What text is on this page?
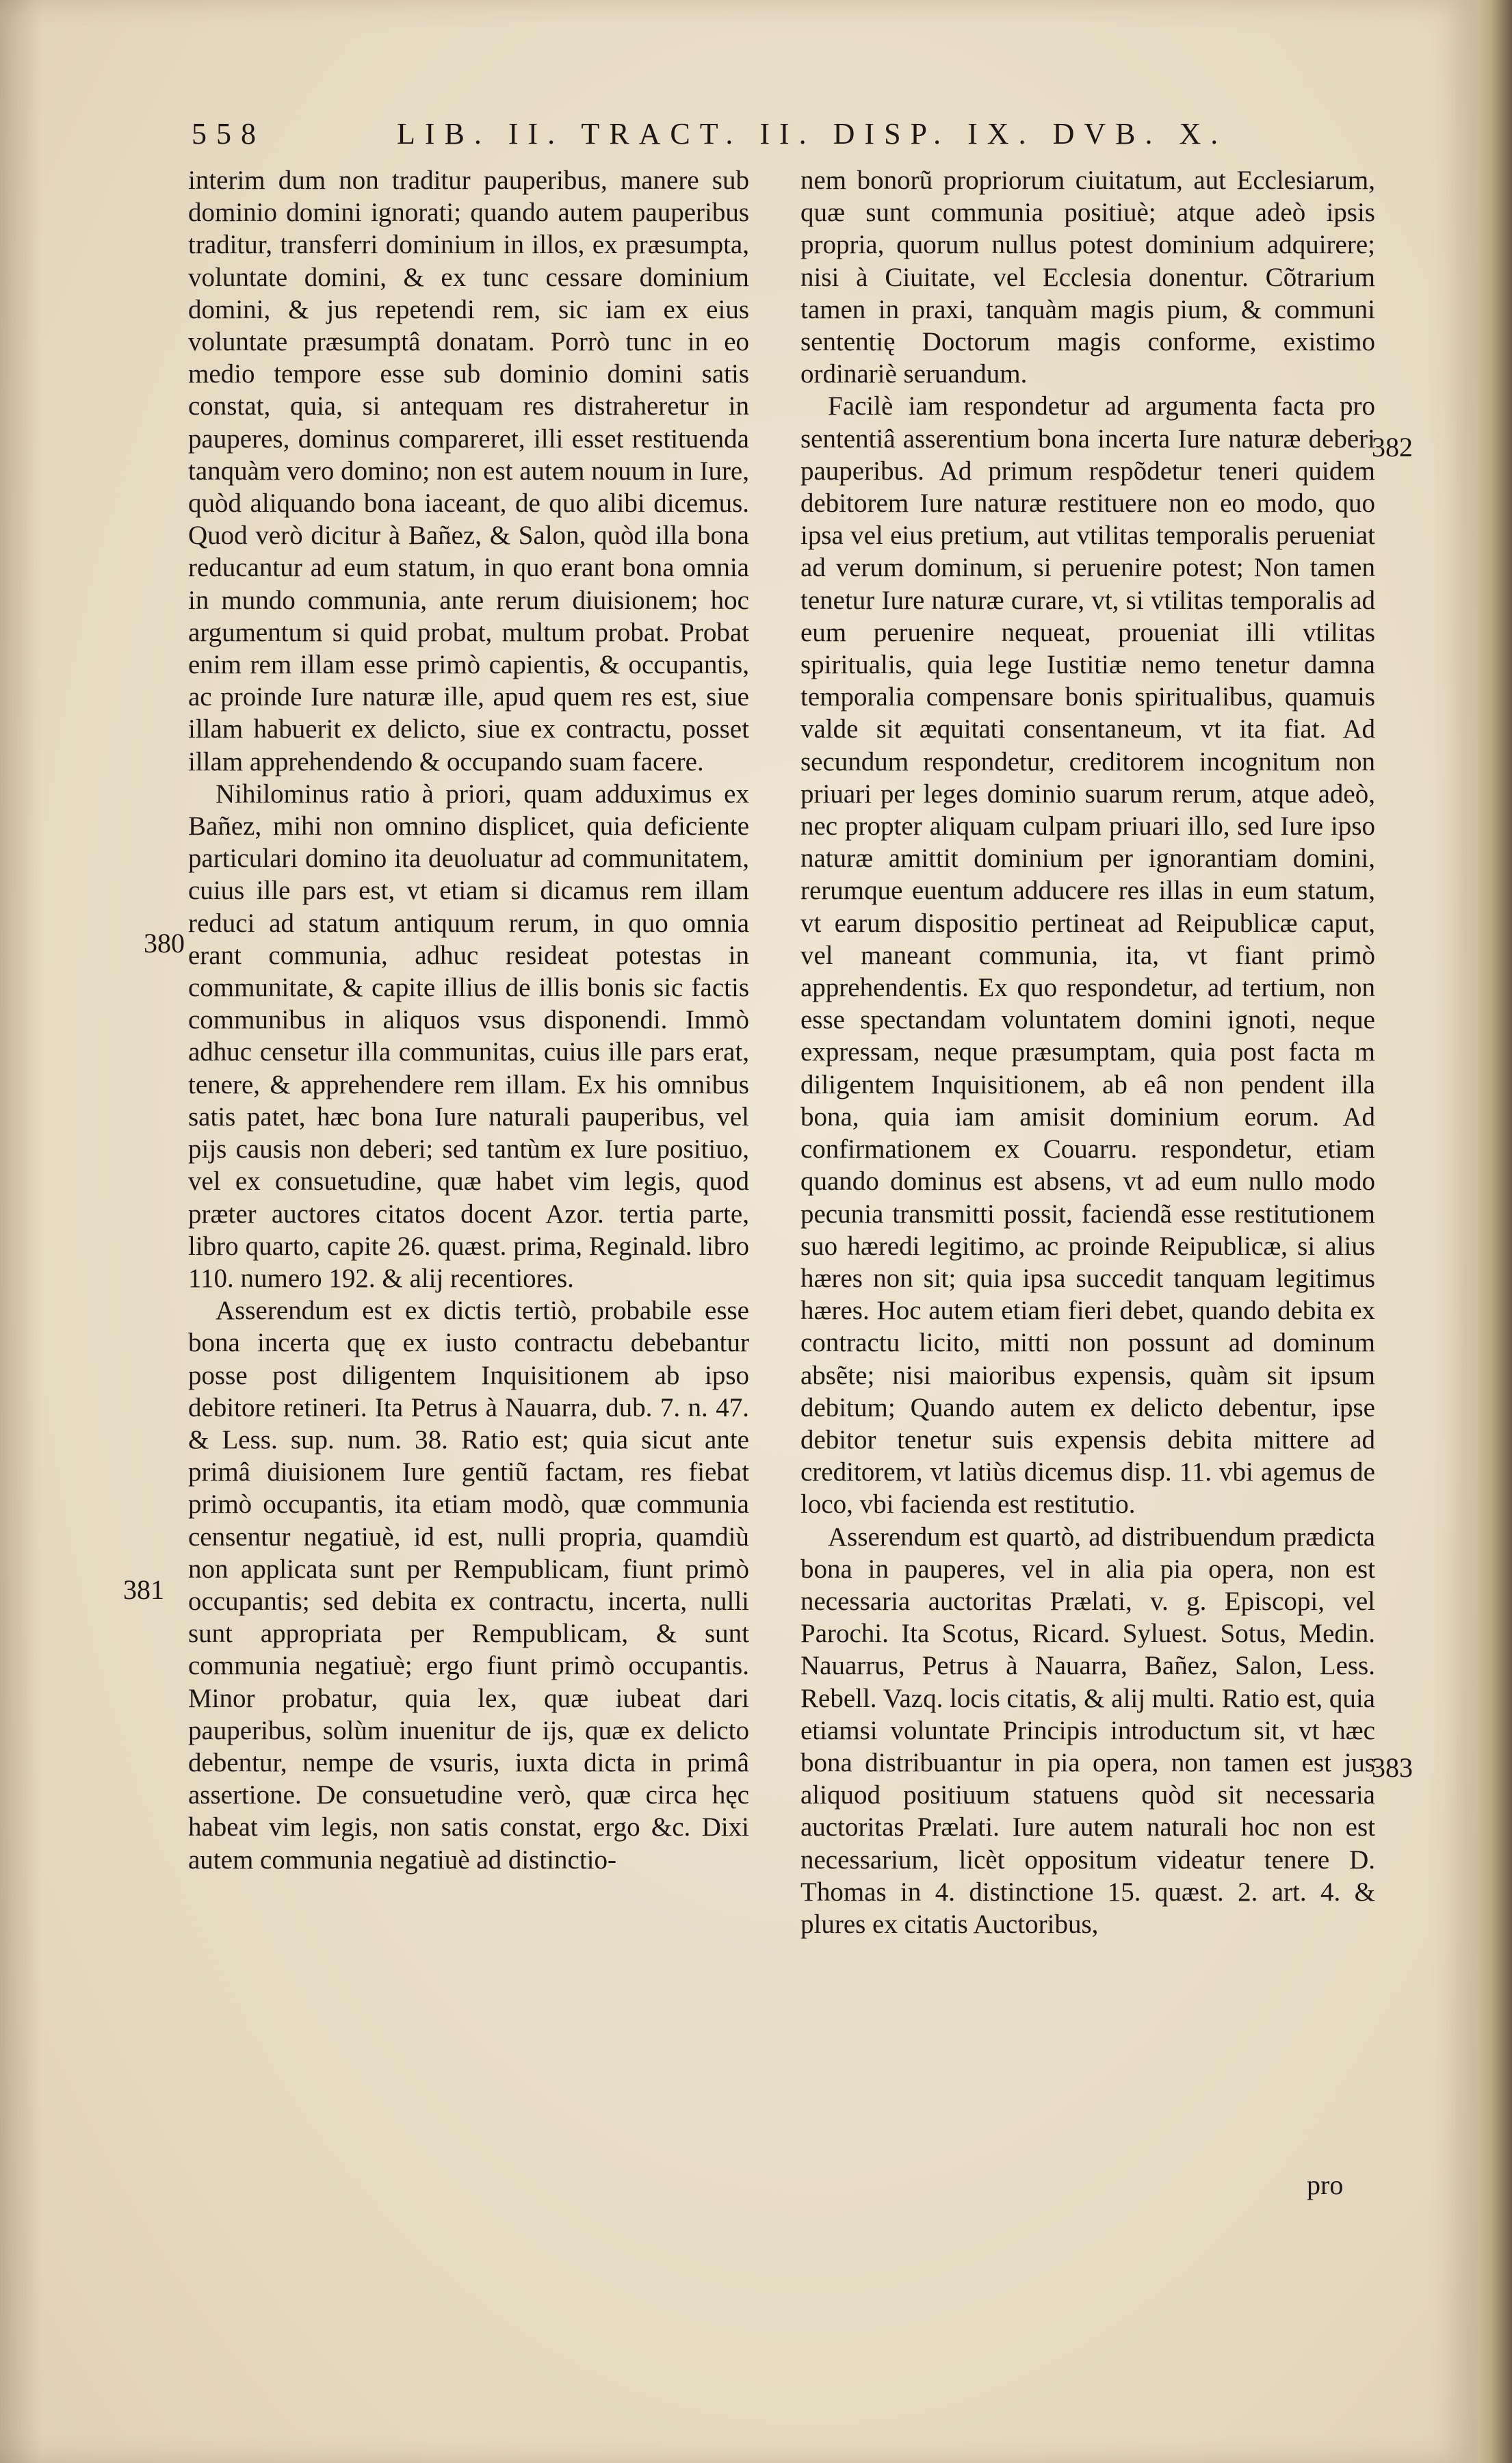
558	LIB. II. TRACT. II. DISP. IX. DVB. X.

interim dum non traditur pauperibus, manere sub dominio domini ignorati; quando autem pauperibus traditur, transferri dominium in illos, ex præsumpta, voluntate domini, & ex tunc cessare dominium domini, & jus repetendi rem, sic iam ex eius voluntate præsumptâ donatam. Porrò tunc in eo medio tempore esse sub dominio domini satis constat, quia, si antequam res distraheretur in pauperes, dominus compareret, illi esset restituenda tanquàm vero domino; non est autem nouum in Iure, quòd aliquando bona iaceant, de quo alibi dicemus. Quod verò dicitur à Bañez, & Salon, quòd illa bona reducantur ad eum statum, in quo erant bona omnia in mundo communia, ante rerum diuisionem; hoc argumentum si quid probat, multum probat. Probat enim rem illam esse primò capientis, & occupantis, ac proinde Iure naturæ ille, apud quem res est, siue illam habuerit ex delicto, siue ex contractu, posset illam apprehendendo & occupando suam facere.

Nihilominus ratio à priori, quam adduximus ex Bañez, mihi non omnino displicet, quia deficiente particulari domino ita deuoluatur ad communitatem, cuius ille pars est, vt etiam si dicamus rem illam reduci ad statum antiquum rerum, in quo omnia erant communia, adhuc resideat potestas in communitate, & capite illius de illis bonis sic factis communibus in aliquos vsus disponendi. Immò adhuc censetur illa communitas, cuius ille pars erat, tenere, & apprehendere rem illam. Ex his omnibus satis patet, hæc bona Iure naturali pauperibus, vel pijs causis non deberi; sed tantùm ex Iure positiuo, vel ex consuetudine, quæ habet vim legis, quod præter auctores citatos docent Azor. tertia parte, libro quarto, capite 26. quæst. prima, Reginald. libro 110. numero 192. & alij recentiores.

Asserendum est ex dictis tertiò, probabile esse bona incerta quę ex iusto contractu debebantur posse post diligentem Inquisitionem ab ipso debitore retineri. Ita Petrus à Nauarra, dub. 7. n. 47. & Less. sup. num. 38. Ratio est; quia sicut ante primâ diuisionem Iure gentiũ factam, res fiebat primò occupantis, ita etiam modò, quæ communia censentur negatiuè, id est, nulli propria, quamdiù non applicata sunt per Rempublicam, fiunt primò occupantis; sed debita ex contractu, incerta, nulli sunt appropriata per Rempublicam, & sunt communia negatiuè; ergo fiunt primò occupantis. Minor probatur, quia lex, quæ iubeat dari pauperibus, solùm inuenitur de ijs, quæ ex delicto debentur, nempe de vsuris, iuxta dicta in primâ assertione. De consuetudine verò, quæ circa hęc habeat vim legis, non satis constat, ergo &c. Dixi autem communia negatiuè ad distinctio-

nem bonorũ propriorum ciuitatum, aut Ecclesiarum, quæ sunt communia positiuè; atque adeò ipsis propria, quorum nullus potest dominium adquirere; nisi à Ciuitate, vel Ecclesia donentur. Cõtrarium tamen in praxi, tanquàm magis pium, & communi sententię Doctorum magis conforme, existimo ordinariè seruandum.

Facilè iam respondetur ad argumenta facta pro sententiâ asserentium bona incerta Iure naturæ deberi pauperibus. Ad primum respõdetur teneri quidem debitorem Iure naturæ restituere non eo modo, quo ipsa vel eius pretium, aut vtilitas temporalis perueniat ad verum dominum, si peruenire potest; Non tamen tenetur Iure naturæ curare, vt, si vtilitas temporalis ad eum peruenire nequeat, proueniat illi vtilitas spiritualis, quia lege Iustitiæ nemo tenetur damna temporalia compensare bonis spiritualibus, quamuis valde sit æquitati consentaneum, vt ita fiat. Ad secundum respondetur, creditorem incognitum non priuari per leges dominio suarum rerum, atque adeò, nec propter aliquam culpam priuari illo, sed Iure ipso naturæ amittit dominium per ignorantiam domini, rerumque euentum adducere res illas in eum statum, vt earum dispositio pertineat ad Reipublicæ caput, vel maneant communia, ita, vt fiant primò apprehendentis. Ex quo respondetur, ad tertium, non esse spectandam voluntatem domini ignoti, neque expressam, neque præsumptam, quia post facta m diligentem Inquisitionem, ab eâ non pendent illa bona, quia iam amisit dominium eorum. Ad confirmationem ex Couarru. respondetur, etiam quando dominus est absens, vt ad eum nullo modo pecunia transmitti possit, faciendã esse restitutionem suo hæredi legitimo, ac proinde Reipublicæ, si alius hæres non sit; quia ipsa succedit tanquam legitimus hæres. Hoc autem etiam fieri debet, quando debita ex contractu licito, mitti non possunt ad dominum absẽte; nisi maioribus expensis, quàm sit ipsum debitum; Quando autem ex delicto debentur, ipse debitor tenetur suis expensis debita mittere ad creditorem, vt latiùs dicemus disp. 11. vbi agemus de loco, vbi facienda est restitutio.

Asserendum est quartò, ad distribuendum prædicta bona in pauperes, vel in alia pia opera, non est necessaria auctoritas Prælati, v. g. Episcopi, vel Parochi. Ita Scotus, Ricard. Syluest. Sotus, Medin. Nauarrus, Petrus à Nauarra, Bañez, Salon, Less. Rebell. Vazq. locis citatis, & alij multi. Ratio est, quia etiamsi voluntate Principis introductum sit, vt hæc bona distribuantur in pia opera, non tamen est jus aliquod positiuum statuens quòd sit necessaria auctoritas Prælati. Iure autem naturali hoc non est necessarium, licèt oppositum videatur tenere D. Thomas in 4. distinctione 15. quæst. 2. art. 4. & plures ex citatis Auctoribus,

380
381
382
383
pro
